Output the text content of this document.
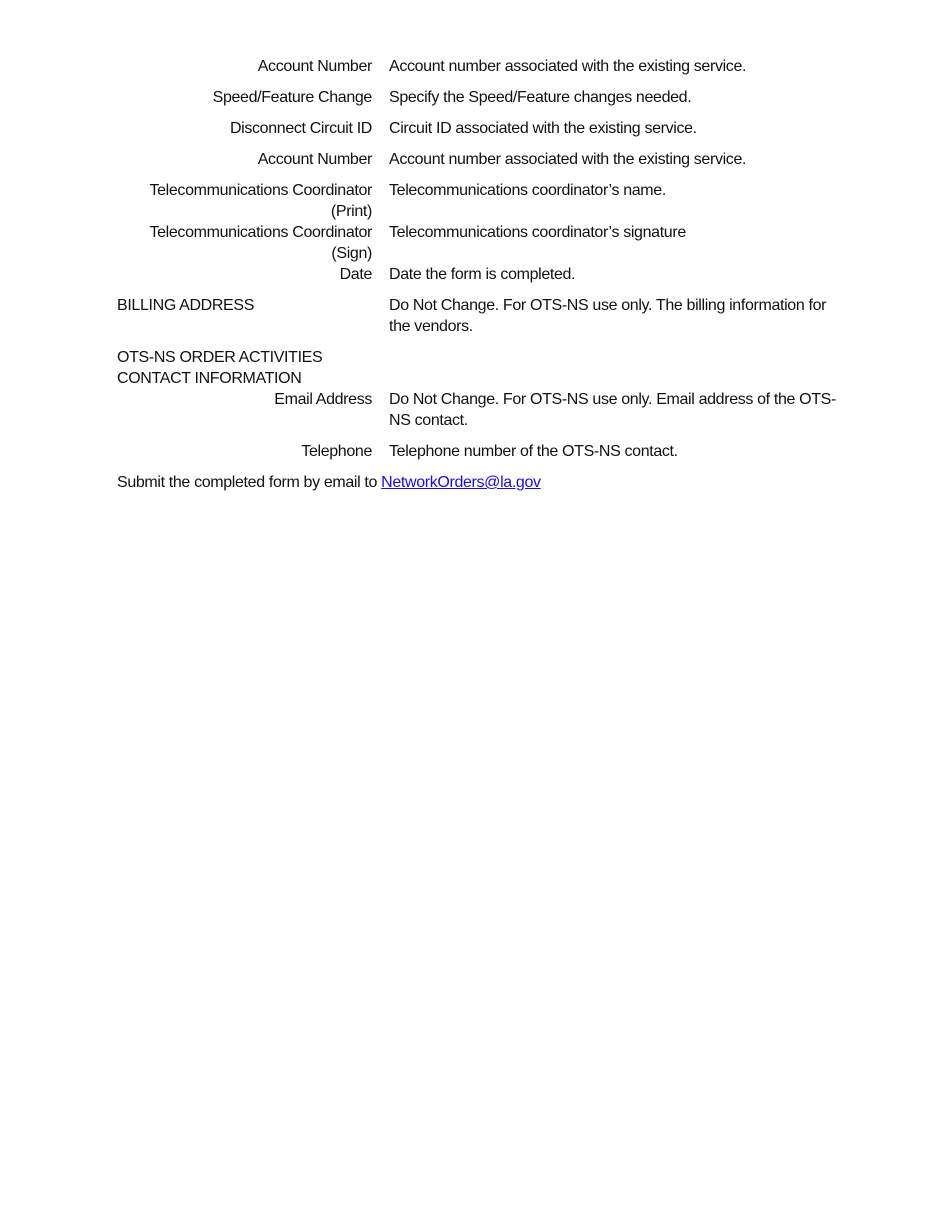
Account Number Account number associated with the existing service.
Speed/Feature Change Specify the Speed/Feature changes needed.
Disconnect Circuit ID Circuit ID associated with the existing service.
Account Number Account number associated with the existing service.
Telecommunications Coordinator
(Print)
Telecommunications coordinator’s name.
Telecommunications Coordinator
(Sign)
Telecommunications coordinator’s signature
Date Date the form is completed.
BILLING ADDRESS	Do Not Change. For OTS-NS use only. The billing information for the vendors.
OTS-NS ORDER ACTIVITIES
CONTACT INFORMATION
Email Address Do Not Change. For OTS-NS use only. Email address of the OTS-NS contact.
Telephone Telephone number of the OTS-NS contact.
Submit the completed form by email to NetworkOrders@la.gov
